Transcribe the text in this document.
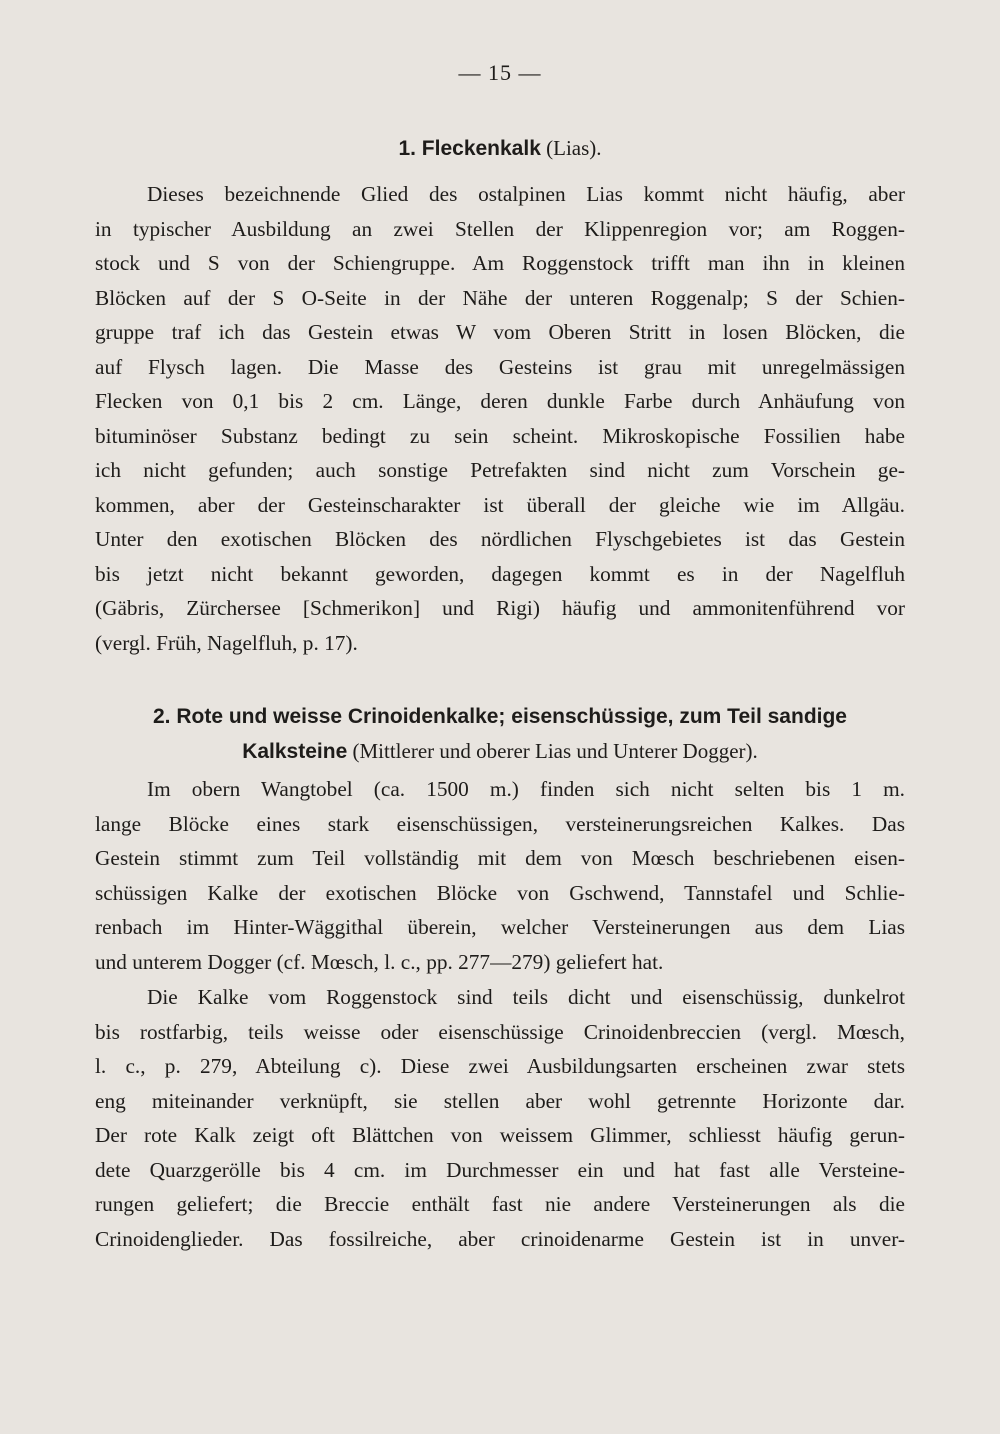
— 15 —
1. Fleckenkalk (Lias).
Dieses bezeichnende Glied des ostalpinen Lias kommt nicht häufig, aber
in typischer Ausbildung an zwei Stellen der Klippenregion vor; am Roggen-
stock und S von der Schiengruppe. Am Roggenstock trifft man ihn in kleinen
Blöcken auf der S O-Seite in der Nähe der unteren Roggenalp; S der Schien-
gruppe traf ich das Gestein etwas W vom Oberen Stritt in losen Blöcken, die
auf Flysch lagen. Die Masse des Gesteins ist grau mit unregelmässigen
Flecken von 0,1 bis 2 cm. Länge, deren dunkle Farbe durch Anhäufung von
bituminöser Substanz bedingt zu sein scheint. Mikroskopische Fossilien habe
ich nicht gefunden; auch sonstige Petrefakten sind nicht zum Vorschein ge-
kommen, aber der Gesteinscharakter ist überall der gleiche wie im Allgäu.
Unter den exotischen Blöcken des nördlichen Flyschgebietes ist das Gestein
bis jetzt nicht bekannt geworden, dagegen kommt es in der Nagelfluh
(Gäbris, Zürchersee [Schmerikon] und Rigi) häufig und ammonitenführend vor
(vergl. Früh, Nagelfluh, p. 17).
2. Rote und weisse Crinoidenkalke; eisenschüssige, zum Teil sandige
Kalksteine (Mittlerer und oberer Lias und Unterer Dogger).
Im obern Wangtobel (ca. 1500 m.) finden sich nicht selten bis 1 m.
lange Blöcke eines stark eisenschüssigen, versteinerungsreichen Kalkes. Das
Gestein stimmt zum Teil vollständig mit dem von Mœsch beschriebenen eisen-
schüssigen Kalke der exotischen Blöcke von Gschwend, Tannstafel und Schlie-
renbach im Hinter-Wäggithal überein, welcher Versteinerungen aus dem Lias
und unterem Dogger (cf. Mœsch, l. c., pp. 277—279) geliefert hat.
Die Kalke vom Roggenstock sind teils dicht und eisenschüssig, dunkelrot
bis rostfarbig, teils weisse oder eisenschüssige Crinoidenbreccien (vergl. Mœsch,
l. c., p. 279, Abteilung c). Diese zwei Ausbildungsarten erscheinen zwar stets
eng miteinander verknüpft, sie stellen aber wohl getrennte Horizonte dar.
Der rote Kalk zeigt oft Blättchen von weissem Glimmer, schliesst häufig gerun-
dete Quarzgerölle bis 4 cm. im Durchmesser ein und hat fast alle Versteine-
rungen geliefert; die Breccie enthält fast nie andere Versteinerungen als die
Crinoidenglieder. Das fossilreiche, aber crinoidenarme Gestein ist in unver-
